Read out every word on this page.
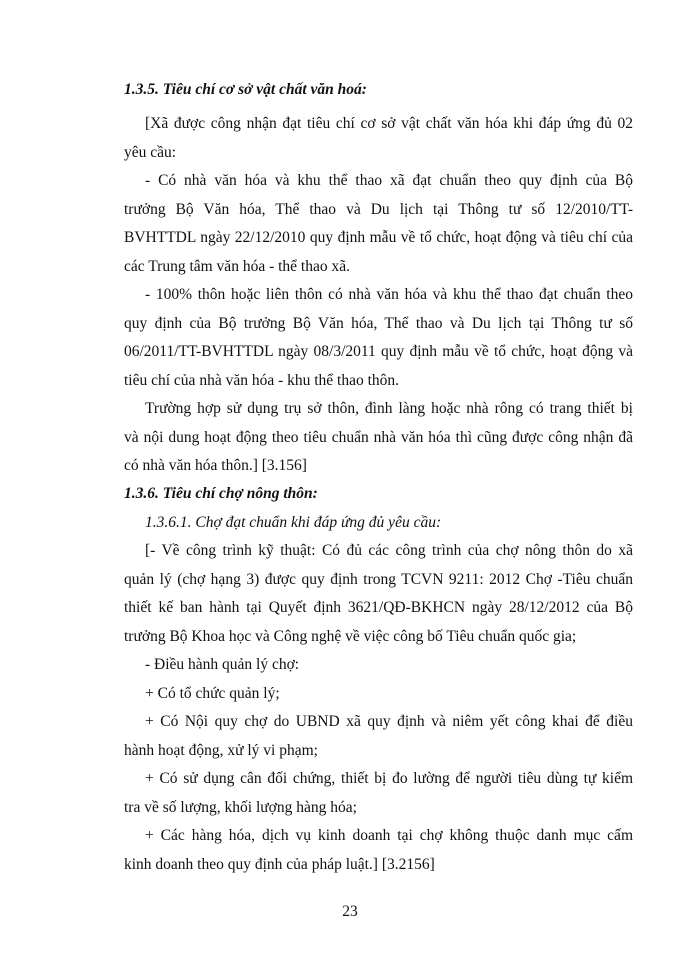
1.3.5. Tiêu chí cơ sở vật chất văn hoá:
[Xã được công nhận đạt tiêu chí cơ sở vật chất văn hóa khi đáp ứng đủ 02
yêu cầu:
- Có nhà văn hóa và khu thể thao xã đạt chuẩn theo quy định của Bộ
trưởng Bộ Văn hóa, Thể thao và Du lịch tại Thông tư số 12/2010/TT-
BVHTTDL ngày 22/12/2010 quy định mẫu về tổ chức, hoạt động và tiêu chí của
các Trung tâm văn hóa - thể thao xã.
- 100% thôn hoặc liên thôn có nhà văn hóa và khu thể thao đạt chuẩn theo
quy định của Bộ trưởng Bộ Văn hóa, Thể thao và Du lịch tại Thông tư số
06/2011/TT-BVHTTDL ngày 08/3/2011 quy định mẫu về tổ chức, hoạt động và
tiêu chí của nhà văn hóa - khu thể thao thôn.
Trường hợp sử dụng trụ sở thôn, đình làng hoặc nhà rông có trang thiết bị
và nội dung hoạt động theo tiêu chuẩn nhà văn hóa thì cũng được công nhận đã
có nhà văn hóa thôn.] [3.156]
1.3.6. Tiêu chí chợ nông thôn:
1.3.6.1. Chợ đạt chuẩn khi đáp ứng đủ yêu cầu:
[- Về công trình kỹ thuật: Có đủ các công trình của chợ nông thôn do xã
quản lý (chợ hạng 3) được quy định trong TCVN 9211: 2012 Chợ -Tiêu chuẩn
thiết kế ban hành tại Quyết định 3621/QĐ-BKHCN ngày 28/12/2012 của Bộ
trưởng Bộ Khoa học và Công nghệ về việc công bố Tiêu chuẩn quốc gia;
- Điều hành quản lý chợ:
+ Có tổ chức quản lý;
+ Có Nội quy chợ do UBND xã quy định và niêm yết công khai để điều
hành hoạt động, xử lý vi phạm;
+ Có sử dụng cân đối chứng, thiết bị đo lường để người tiêu dùng tự kiểm
tra về số lượng, khối lượng hàng hóa;
+ Các hàng hóa, dịch vụ kinh doanh tại chợ không thuộc danh mục cấm
kinh doanh theo quy định của pháp luật.] [3.2156]
23
